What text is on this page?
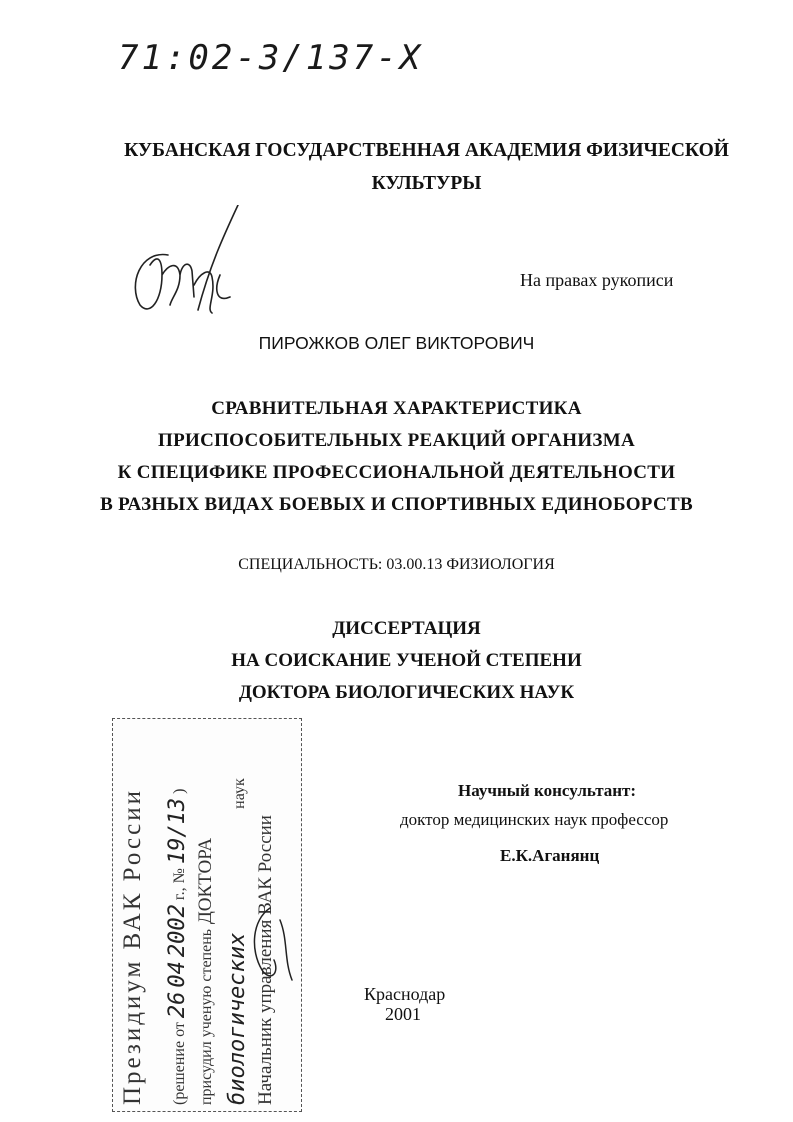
71:02-3/137-X
КУБАНСКАЯ ГОСУДАРСТВЕННАЯ АКАДЕМИЯ ФИЗИЧЕСКОЙ
КУЛЬТУРЫ
На правах рукописи
ПИРОЖКОВ ОЛЕГ ВИКТОРОВИЧ
СРАВНИТЕЛЬНАЯ ХАРАКТЕРИСТИКА
ПРИСПОСОБИТЕЛЬНЫХ РЕАКЦИЙ ОРГАНИЗМА
К СПЕЦИФИКЕ ПРОФЕССИОНАЛЬНОЙ ДЕЯТЕЛЬНОСТИ
В РАЗНЫХ ВИДАХ БОЕВЫХ И СПОРТИВНЫХ ЕДИНОБОРСТВ
СПЕЦИАЛЬНОСТЬ: 03.00.13 ФИЗИОЛОГИЯ
ДИССЕРТАЦИЯ
НА СОИСКАНИЕ УЧЕНОЙ СТЕПЕНИ
ДОКТОРА БИОЛОГИЧЕСКИХ НАУК
Президиум ВАК России	(решение от 26 04 2002 г., № 19/13 )
присудил ученую степень ДОКТОРА
биологических наук
Начальник управления ВАК России
Научный консультант:
доктор медицинских наук профессор
Е.К.Аганянц
Краснодар
2001
